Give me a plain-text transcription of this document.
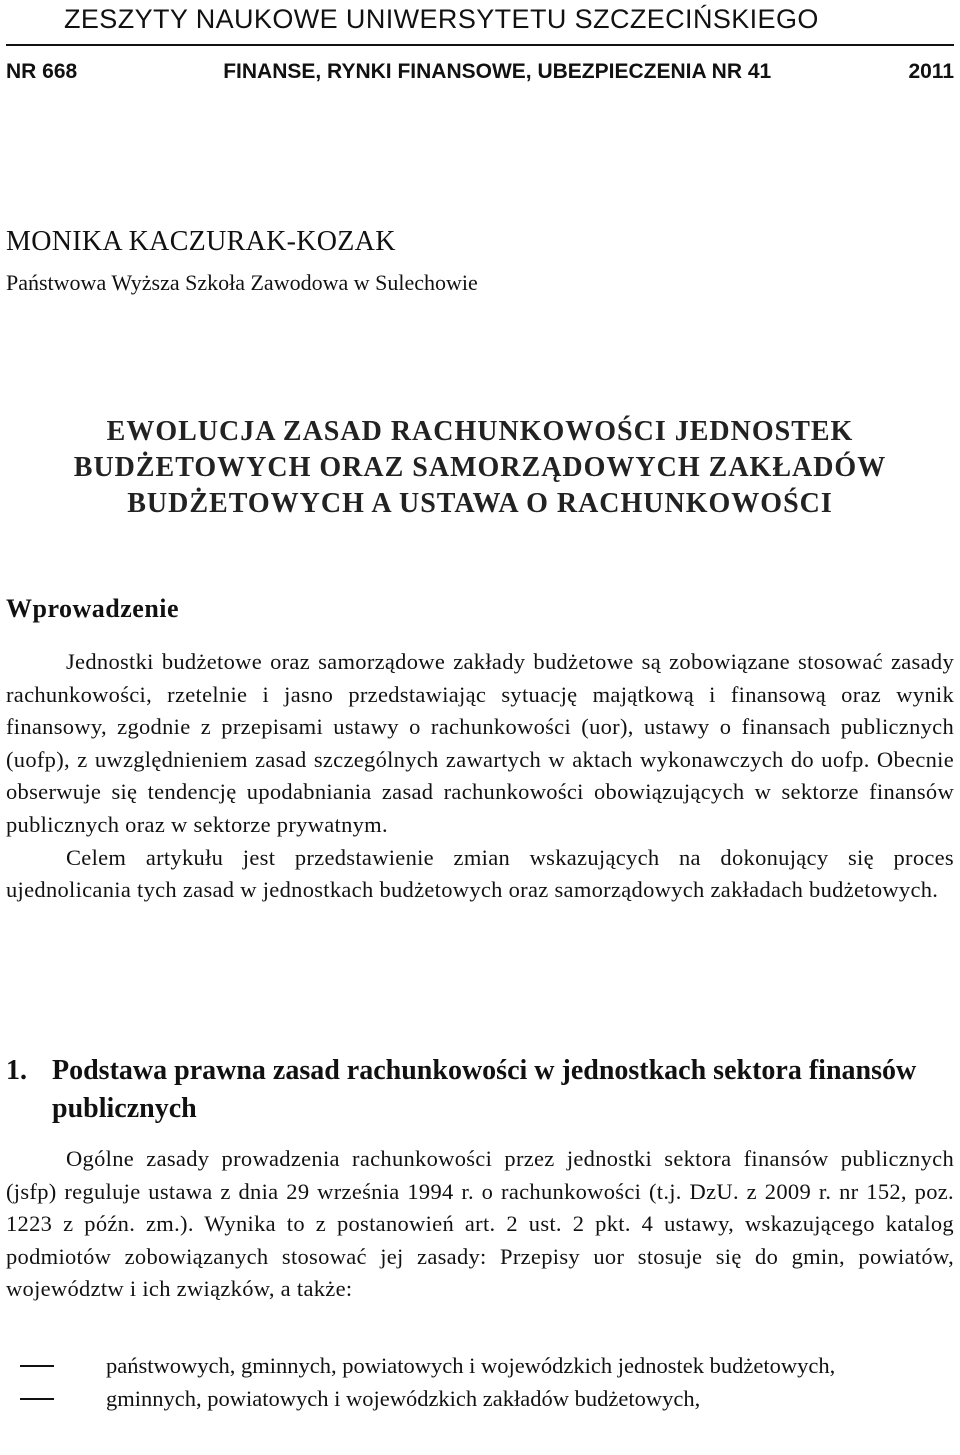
ZESZYTY NAUKOWE UNIWERSYTETU SZCZECIŃSKIEGO
NR 668	FINANSE, RYNKI FINANSOWE, UBEZPIECZENIA NR 41	2011
MONIKA KACZURAK-KOZAK
Państwowa Wyższa Szkoła Zawodowa w Sulechowie
EWOLUCJA ZASAD RACHUNKOWOŚCI JEDNOSTEK BUDŻETOWYCH ORAZ SAMORZĄDOWYCH ZAKŁADÓW BUDŻETOWYCH A USTAWA O RACHUNKOWOŚCI
Wprowadzenie

Jednostki budżetowe oraz samorządowe zakłady budżetowe są zobowiązane stosować zasady rachunkowości, rzetelnie i jasno przedstawiając sytuację majątkową i finansową oraz wynik finansowy, zgodnie z przepisami ustawy o rachunkowości (uor), ustawy o finansach publicznych (uofp), z uwzględnieniem zasad szczególnych zawartych w aktach wykonawczych do uofp. Obecnie obserwuje się tendencję upodabniania zasad rachunkowości obowiązujących w sektorze finansów publicznych oraz w sektorze prywatnym.

Celem artykułu jest przedstawienie zmian wskazujących na dokonujący się proces ujednolicania tych zasad w jednostkach budżetowych oraz samorządowych zakładach budżetowych.

1. Podstawa prawna zasad rachunkowości w jednostkach sektora finansów publicznych

Ogólne zasady prowadzenia rachunkowości przez jednostki sektora finansów publicznych (jsfp) reguluje ustawa z dnia 29 września 1994 r. o rachunkowości (t.j. DzU. z 2009 r. nr 152, poz. 1223 z późn. zm.). Wynika to z postanowień art. 2 ust. 2 pkt. 4 ustawy, wskazującego katalog podmiotów zobowiązanych stosować jej zasady: Przepisy uor stosuje się do gmin, powiatów, województw i ich związków, a także:

państwowych, gminnych, powiatowych i wojewódzkich jednostek budżetowych,
gminnych, powiatowych i wojewódzkich zakładów budżetowych,
